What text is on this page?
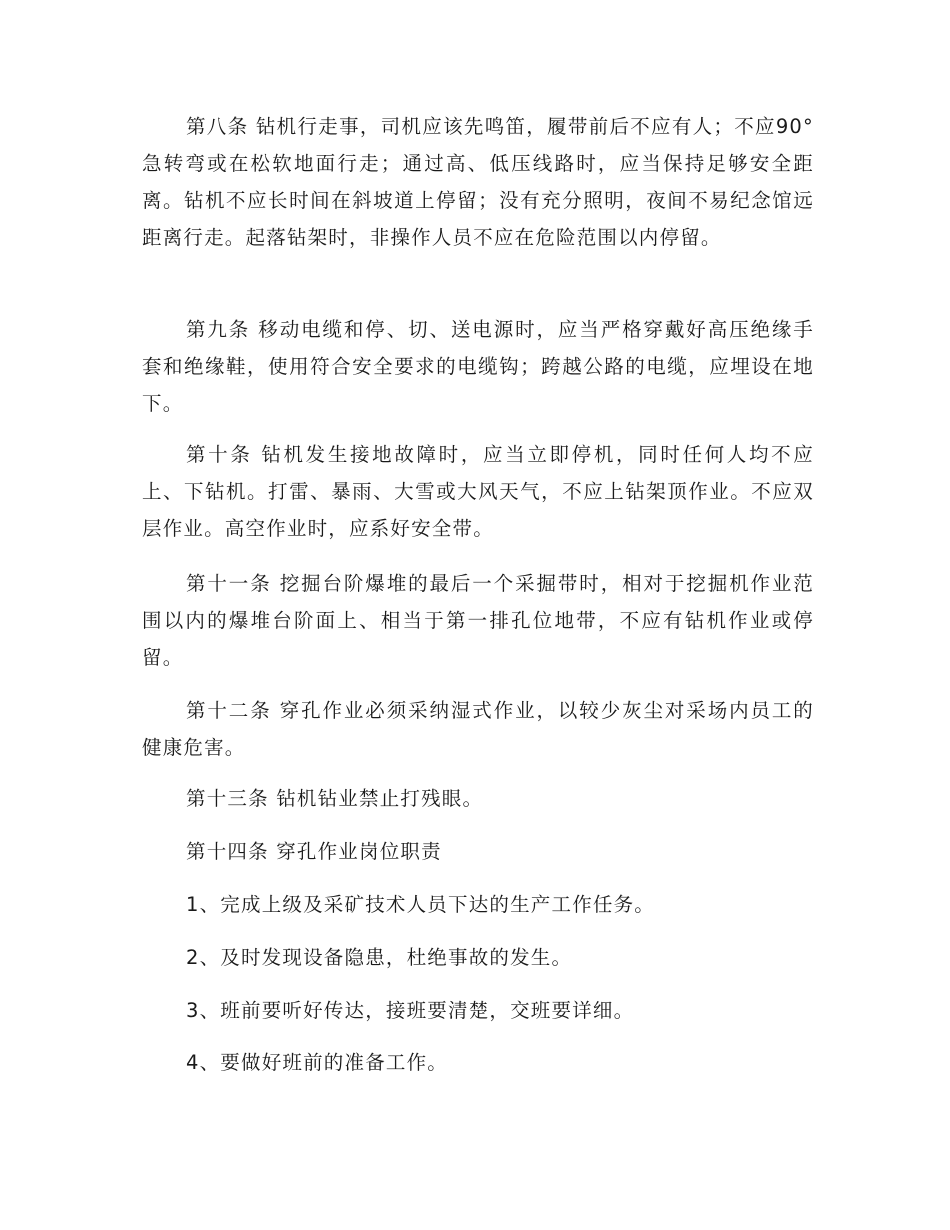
第八条 钻机行走事，司机应该先鸣笛，履带前后不应有人；不应90°急转弯或在松软地面行走；通过高、低压线路时，应当保持足够安全距离。钻机不应长时间在斜坡道上停留；没有充分照明，夜间不易纪念馆远距离行走。起落钻架时，非操作人员不应在危险范围以内停留。

第九条 移动电缆和停、切、送电源时，应当严格穿戴好高压绝缘手套和绝缘鞋，使用符合安全要求的电缆钩；跨越公路的电缆，应埋设在地下。

第十条 钻机发生接地故障时，应当立即停机，同时任何人均不应上、下钻机。打雷、暴雨、大雪或大风天气，不应上钻架顶作业。不应双层作业。高空作业时，应系好安全带。

第十一条 挖掘台阶爆堆的最后一个采掘带时，相对于挖掘机作业范围以内的爆堆台阶面上、相当于第一排孔位地带，不应有钻机作业或停留。

第十二条 穿孔作业必须采纳湿式作业，以较少灰尘对采场内员工的健康危害。

第十三条 钻机钻业禁止打残眼。

第十四条 穿孔作业岗位职责

1、完成上级及采矿技术人员下达的生产工作任务。

2、及时发现设备隐患，杜绝事故的发生。

3、班前要听好传达，接班要清楚，交班要详细。

4、要做好班前的准备工作。
